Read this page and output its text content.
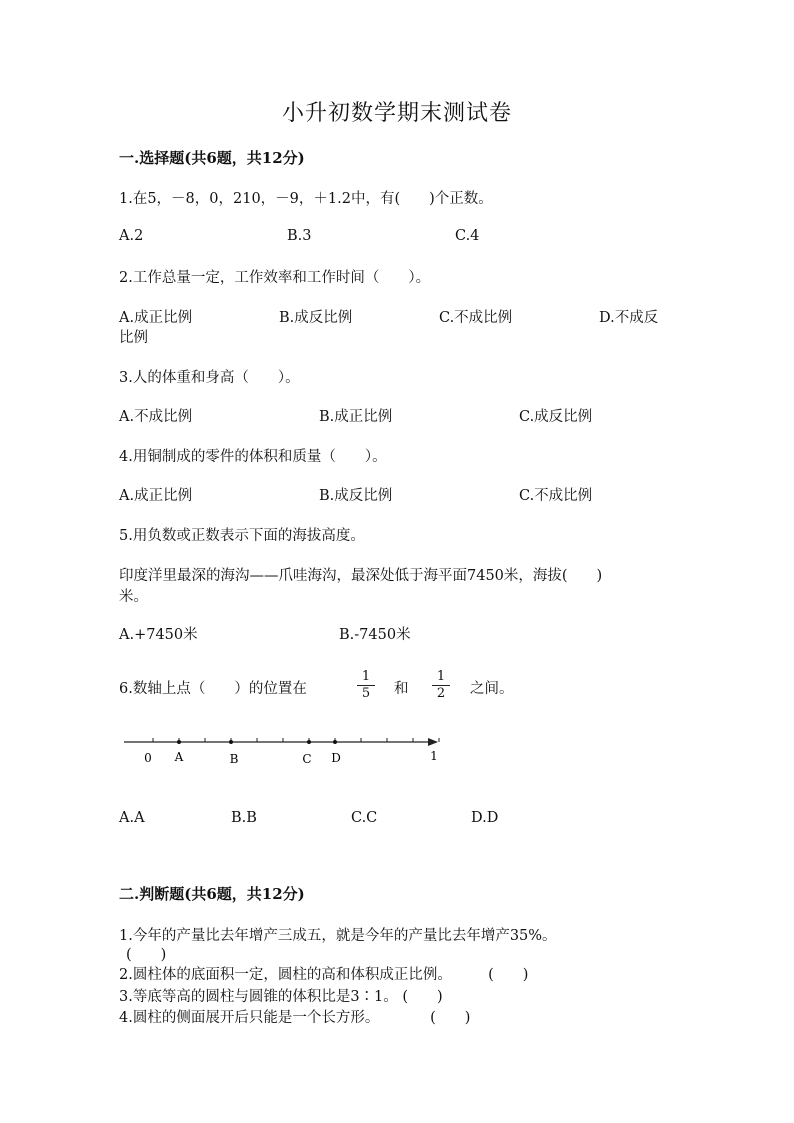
小升初数学期末测试卷
一.选择题(共6题，共12分)
1.在5，－8，0，210，－9，＋1.2中，有(　　)个正数。
A.2	B.3	C.4
2.工作总量一定，工作效率和工作时间（　　）。
A.成正比例	B.成反比例	C.不成比例	D.不成反
比例
3.人的体重和身高（　　）。
A.不成比例	B.成正比例	C.成反比例
4.用铜制成的零件的体积和质量（　　）。
A.成正比例	B.成反比例	C.不成比例
5.用负数或正数表示下面的海拔高度。
印度洋里最深的海沟——爪哇海沟，最深处低于海平面7450米，海拔(　　)
米。
A.+7450米	B.-7450米
6.数轴上点（　　）的位置在
1
5	和
1
2	之间。
0	1
A	B	C D
A.A	B.B	C.C	D.D
二.判断题(共6题，共12分)
1.今年的产量比去年增产三成五，就是今年的产量比去年增产35%。
(　　)
2.圆柱体的底面积一定，圆柱的高和体积成正比例。　　　(　　)
3.等底等高的圆柱与圆锥的体积比是3∶1。 (　　)
4.圆柱的侧面展开后只能是一个长方形。　　　　(　　)
